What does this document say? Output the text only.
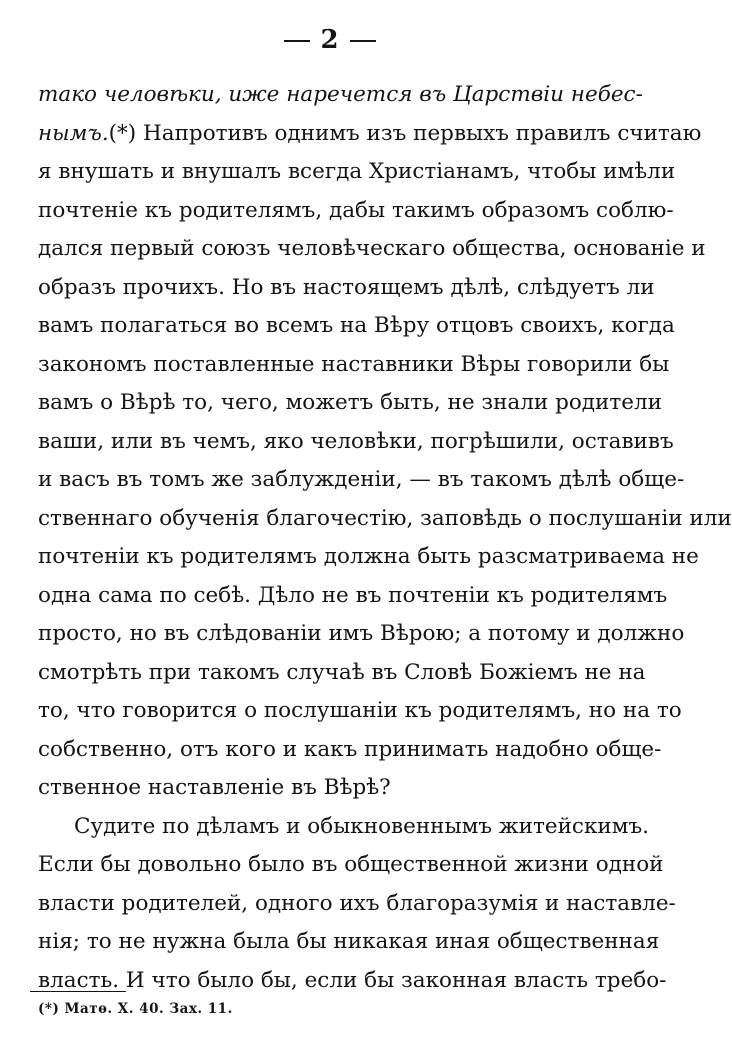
2
тако человѣки, иже наречется въ Царствіи небес-
нымъ.(*) Напротивъ однимъ изъ первыхъ правилъ считаю
я внушать и внушалъ всегда Христіанамъ, чтобы имѣли
почтеніе къ родителямъ, дабы такимъ образомъ соблю-
дался первый союзъ человѣческаго общества, основаніе и
образъ прочихъ. Но въ настоящемъ дѣлѣ, слѣдуетъ ли
вамъ полагаться во всемъ на Вѣру отцовъ своихъ, когда
закономъ поставленные наставники Вѣры говорили бы
вамъ о Вѣрѣ то, чего, можетъ быть, не знали родители
ваши, или въ чемъ, яко человѣки, погрѣшили, оставивъ
и васъ въ томъ же заблужденіи, — въ такомъ дѣлѣ обще-
ственнаго обученія благочестію, заповѣдь о послушаніи или
почтеніи къ родителямъ должна быть разсматриваема не
одна сама по себѣ. Дѣло не въ почтеніи къ родителямъ
просто, но въ слѣдованіи имъ Вѣрою; а потому и должно
смотрѣть при такомъ случаѣ въ Словѣ Божіемъ не на
то, что говорится о послушаніи къ родителямъ, но на то
собственно, отъ кого и какъ принимать надобно обще-
ственное наставленіе въ Вѣрѣ?
Судите по дѣламъ и обыкновеннымъ житейскимъ.
Если бы довольно было въ общественной жизни одной
власти родителей, одного ихъ благоразумія и наставле-
нія; то не нужна была бы никакая иная общественная
власть. И что было бы, если бы законная власть требо-
(*) Матѳ. Х. 40. Зах. 11.
